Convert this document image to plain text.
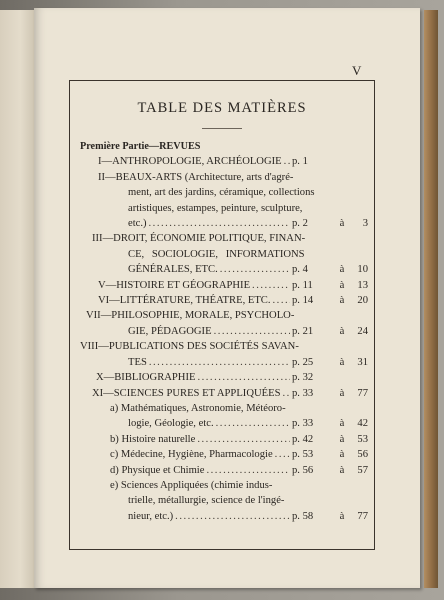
V
TABLE DES MATIÈRES
Première Partie—REVUES
I—ANTHROPOLOGIE, ARCHÉOLOGIE ..... p. 1
II—BEAUX-ARTS (Architecture, arts d'agré-
ment, art des jardins, céramique, collections
artistiques, estampes, peinture, sculpture,
etc.) .....	p. 2	à	3
III—DROIT, ÉCONOMIE POLITIQUE, FINAN-
CE, SOCIOLOGIE, INFORMATIONS
GÉNÉRALES, ETC. .....	p. 4	à	10
V—HISTOIRE ET GÉOGRAPHIE .....	p. 11	à	13
VI—LITTÉRATURE, THÉATRE, ETC. ..... p. 14	à	20
VII—PHILOSOPHIE, MORALE, PSYCHOLO-
GIE, PÉDAGOGIE .....	p. 21	à	24
VIII—PUBLICATIONS DES SOCIÉTÉS SAVAN-
TES .....	p. 25	à	31
X—BIBLIOGRAPHIE .....	p. 32
XI—SCIENCES PURES ET APPLIQUÉES ..... p. 33	à	77
a) Mathématiques, Astronomie, Météoro-
logie, Géologie, etc. .....	p. 33	à	42
b) Histoire naturelle .....	p. 42	à	53
c) Médecine, Hygiène, Pharmacologie ..... p. 53	à	56
d) Physique et Chimie .....	p. 56	à	57
e) Sciences Appliquées (chimie indus-
trielle, métallurgie, science de l'ingé-
nieur, etc.) .....	p. 58	à	77
